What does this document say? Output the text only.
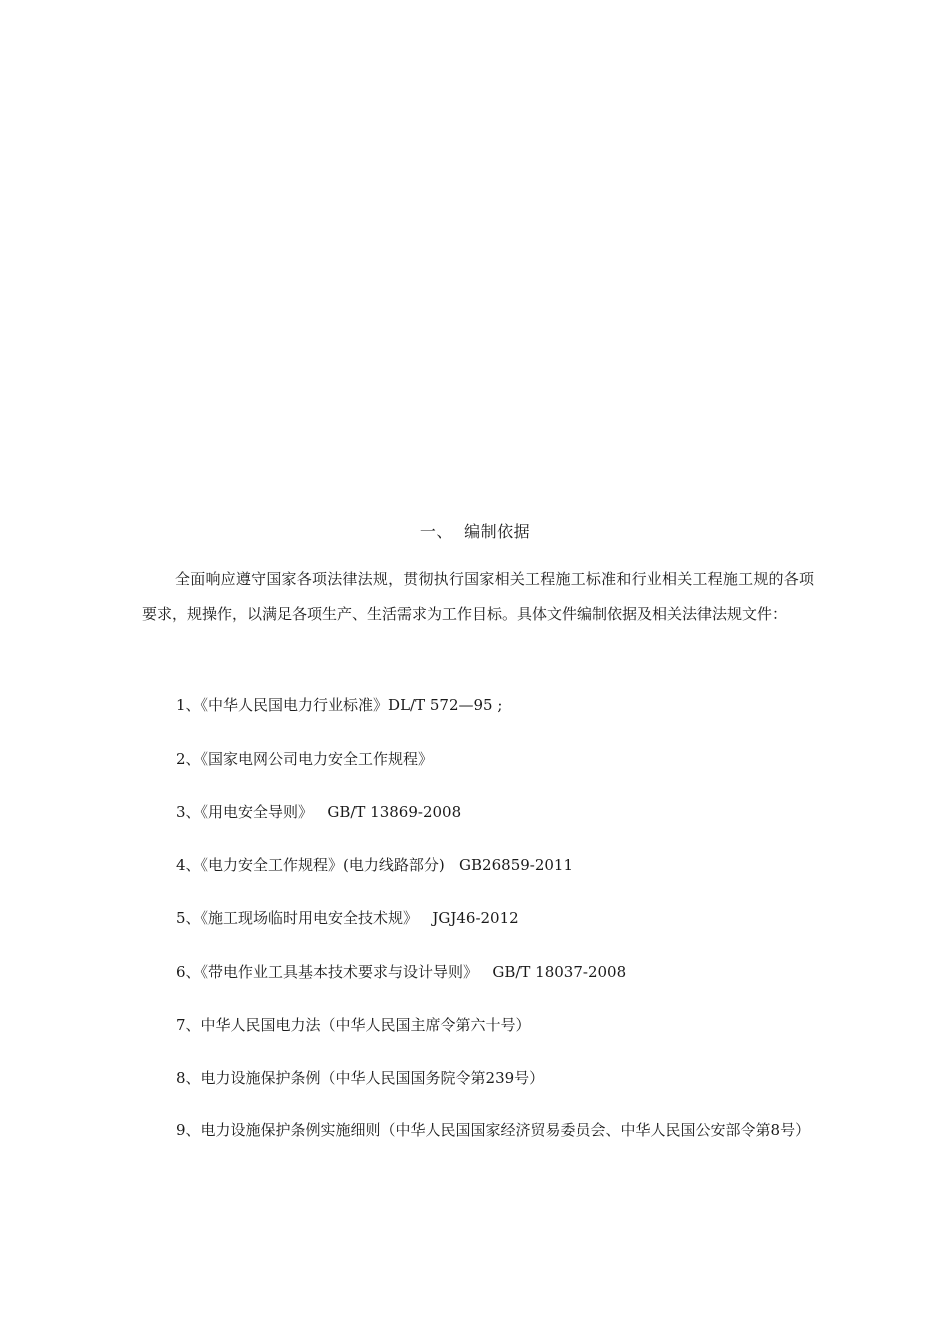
一、  编制依据

全面响应遵守国家各项法律法规，贯彻执行国家相关工程施工标准和行业相关工程施工规的各项要求，规操作，以满足各项生产、生活需求为工作目标。具体文件编制依据及相关法律法规文件：

1、《中华人民国电力行业标准》DL/T 572—95 ;

2、《国家电网公司电力安全工作规程》

3、《用电安全导则》   GB/T 13869-2008

4、《电力安全工作规程》(电力线路部分)   GB26859-2011

5、《施工现场临时用电安全技术规》   JGJ46-2012

6、《带电作业工具基本技术要求与设计导则》   GB/T 18037-2008

7、中华人民国电力法（中华人民国主席令第六十号）

8、电力设施保护条例（中华人民国国务院令第239号）

9、电力设施保护条例实施细则（中华人民国国家经济贸易委员会、中华人民国公安部令第8号）
